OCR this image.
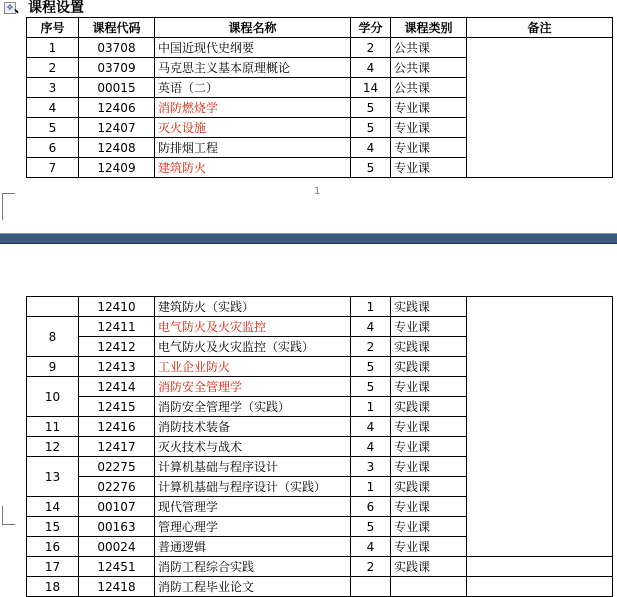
✥ 、课程设置
1
序号	课程代码	课程名称	学分	课程类别	备注
1	03708	中国近现代史纲要	2	公共课	
2	03709	马克思主义基本原理概论	4	公共课	
3	00015	英语（二）	14	公共课	
4	12406	消防燃烧学	5	专业课	
5	12407	灭火设施	5	专业课	
6	12408	防排烟工程	4	专业课	
7	12409	建筑防火	5	专业课	
	12410	建筑防火（实践）	1	实践课	
8	12411	电气防火及火灾监控	4	专业课	
	12412	电气防火及火灾监控（实践）	2	实践课	
9	12413	工业企业防火	5	实践课	
10	12414	消防安全管理学	5	专业课	
	12415	消防安全管理学（实践）	1	实践课	
11	12416	消防技术装备	4	专业课	
12	12417	灭火技术与战术	4	专业课	
13	02275	计算机基础与程序设计	3	专业课	
	02276	计算机基础与程序设计（实践）	1	实践课	
14	00107	现代管理学	6	专业课	
15	00163	管理心理学	5	专业课	
16	00024	普通逻辑	4	专业课	
17	12451	消防工程综合实践	2	实践课	
18	12418	消防工程毕业论文			
